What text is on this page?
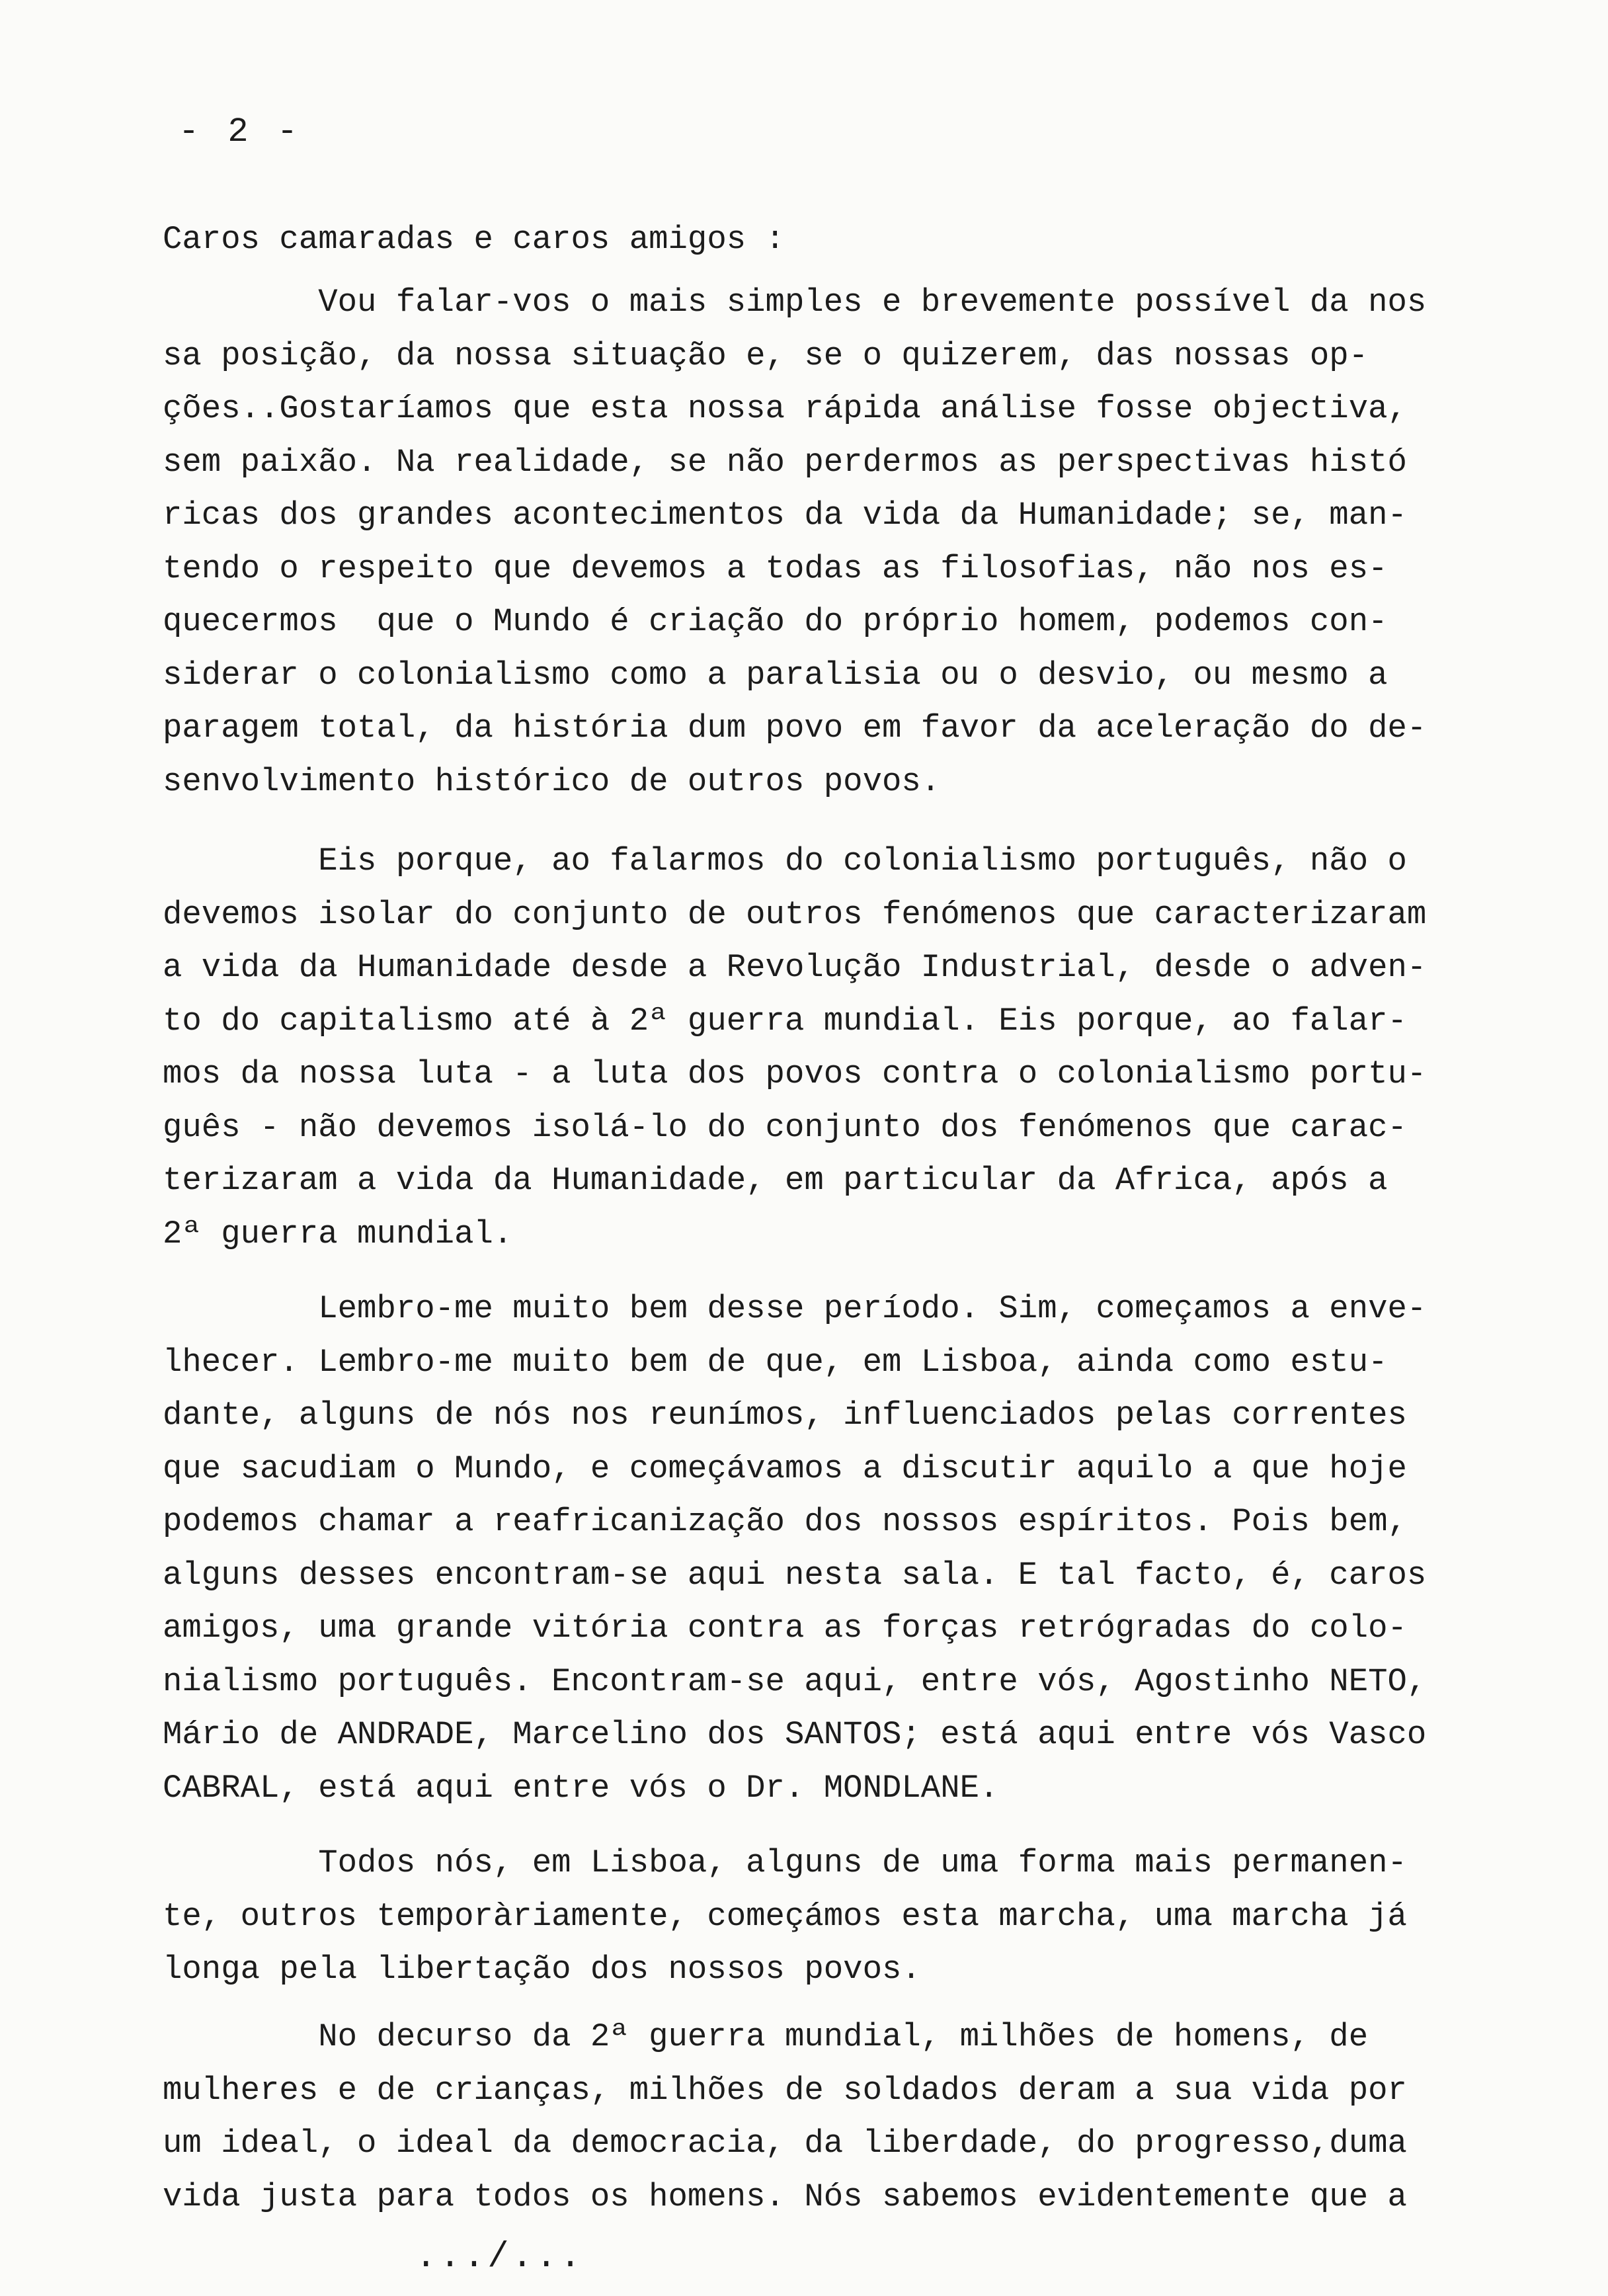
- 2 -
Caros camaradas e caros amigos :
Vou falar-vos o mais simples e brevemente possível da nos
sa posição, da nossa situação e, se o quizerem, das nossas op-
ções..Gostaríamos que esta nossa rápida análise fosse objectiva,
sem paixão. Na realidade, se não perdermos as perspectivas histó
ricas dos grandes acontecimentos da vida da Humanidade; se, man-
tendo o respeito que devemos a todas as filosofias, não nos es-
quecermos  que o Mundo é criação do próprio homem, podemos con-
siderar o colonialismo como a paralisia ou o desvio, ou mesmo a
paragem total, da história dum povo em favor da aceleração do de-
senvolvimento histórico de outros povos.
Eis porque, ao falarmos do colonialismo português, não o
devemos isolar do conjunto de outros fenómenos que caracterizaram
a vida da Humanidade desde a Revolução Industrial, desde o adven-
to do capitalismo até à 2ª guerra mundial. Eis porque, ao falar-
mos da nossa luta - a luta dos povos contra o colonialismo portu-
guês - não devemos isolá-lo do conjunto dos fenómenos que carac-
terizaram a vida da Humanidade, em particular da Africa, após a
2ª guerra mundial.
Lembro-me muito bem desse período. Sim, começamos a enve-
lhecer. Lembro-me muito bem de que, em Lisboa, ainda como estu-
dante, alguns de nós nos reunímos, influenciados pelas correntes
que sacudiam o Mundo, e começávamos a discutir aquilo a que hoje
podemos chamar a reafricanização dos nossos espíritos. Pois bem,
alguns desses encontram-se aqui nesta sala. E tal facto, é, caros
amigos, uma grande vitória contra as forças retrógradas do colo-
nialismo português. Encontram-se aqui, entre vós, Agostinho NETO,
Mário de ANDRADE, Marcelino dos SANTOS; está aqui entre vós Vasco
CABRAL, está aqui entre vós o Dr. MONDLANE.
Todos nós, em Lisboa, alguns de uma forma mais permanen-
te, outros temporàriamente, começámos esta marcha, uma marcha já
longa pela libertação dos nossos povos.
No decurso da 2ª guerra mundial, milhões de homens, de
mulheres e de crianças, milhões de soldados deram a sua vida por
um ideal, o ideal da democracia, da liberdade, do progresso,duma
vida justa para todos os homens. Nós sabemos evidentemente que a
.../...
